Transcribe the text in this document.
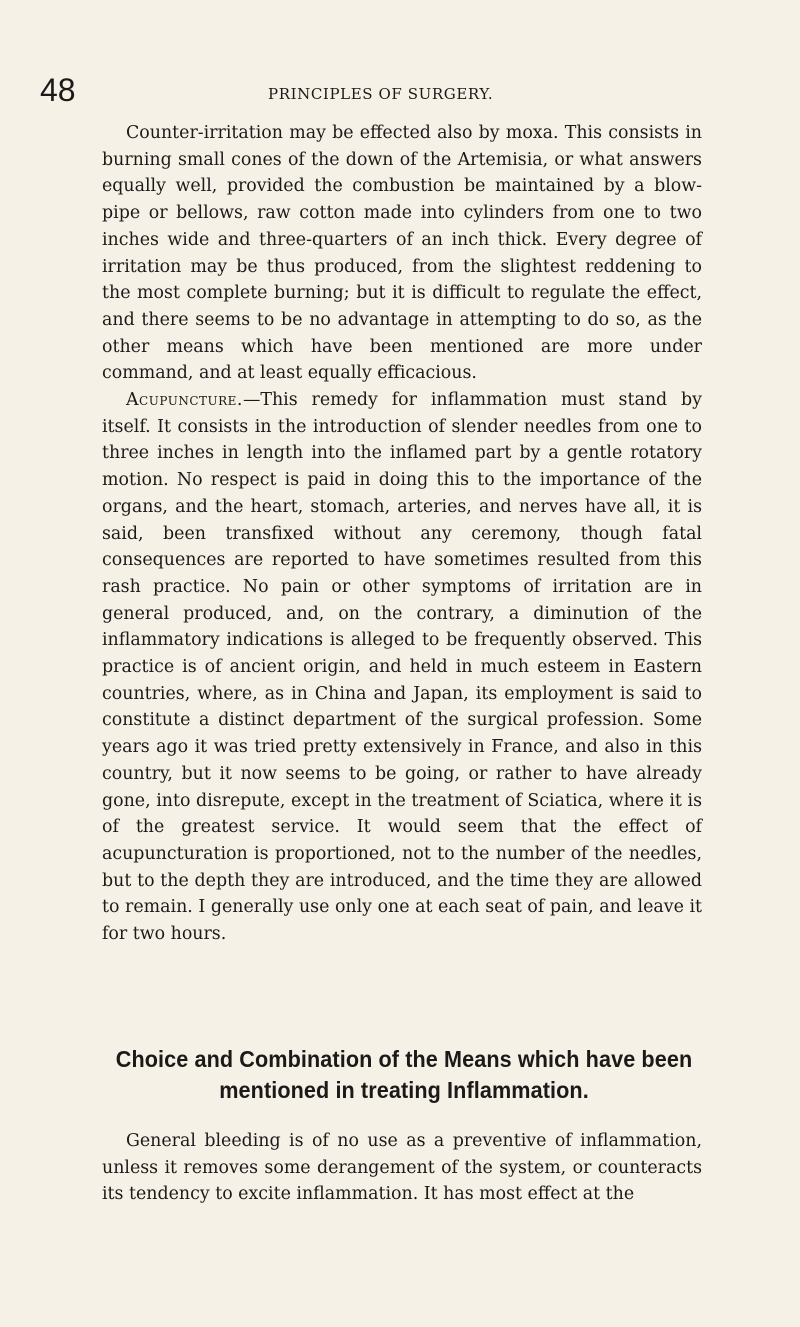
48	PRINCIPLES OF SURGERY.

Counter-irritation may be effected also by moxa. This consists in burning small cones of the down of the Artemisia, or what answers equally well, provided the combustion be maintained by a blow-pipe or bellows, raw cotton made into cylinders from one to two inches wide and three-quarters of an inch thick. Every degree of irritation may be thus produced, from the slightest reddening to the most complete burning; but it is difficult to regulate the effect, and there seems to be no advantage in attempting to do so, as the other means which have been mentioned are more under command, and at least equally efficacious.

Acupuncture.—This remedy for inflammation must stand by itself. It consists in the introduction of slender needles from one to three inches in length into the inflamed part by a gentle rotatory motion. No respect is paid in doing this to the importance of the organs, and the heart, stomach, arteries, and nerves have all, it is said, been transfixed without any ceremony, though fatal consequences are reported to have sometimes resulted from this rash practice. No pain or other symptoms of irritation are in general produced, and, on the contrary, a diminution of the inflammatory indications is alleged to be frequently observed. This practice is of ancient origin, and held in much esteem in Eastern countries, where, as in China and Japan, its employment is said to constitute a distinct department of the surgical profession. Some years ago it was tried pretty extensively in France, and also in this country, but it now seems to be going, or rather to have already gone, into disrepute, except in the treatment of Sciatica, where it is of the greatest service. It would seem that the effect of acupuncturation is proportioned, not to the number of the needles, but to the depth they are introduced, and the time they are allowed to remain. I generally use only one at each seat of pain, and leave it for two hours.

Choice and Combination of the Means which have been
mentioned in treating Inflammation.

General bleeding is of no use as a preventive of inflammation, unless it removes some derangement of the system, or counteracts its tendency to excite inflammation. It has most effect at the
